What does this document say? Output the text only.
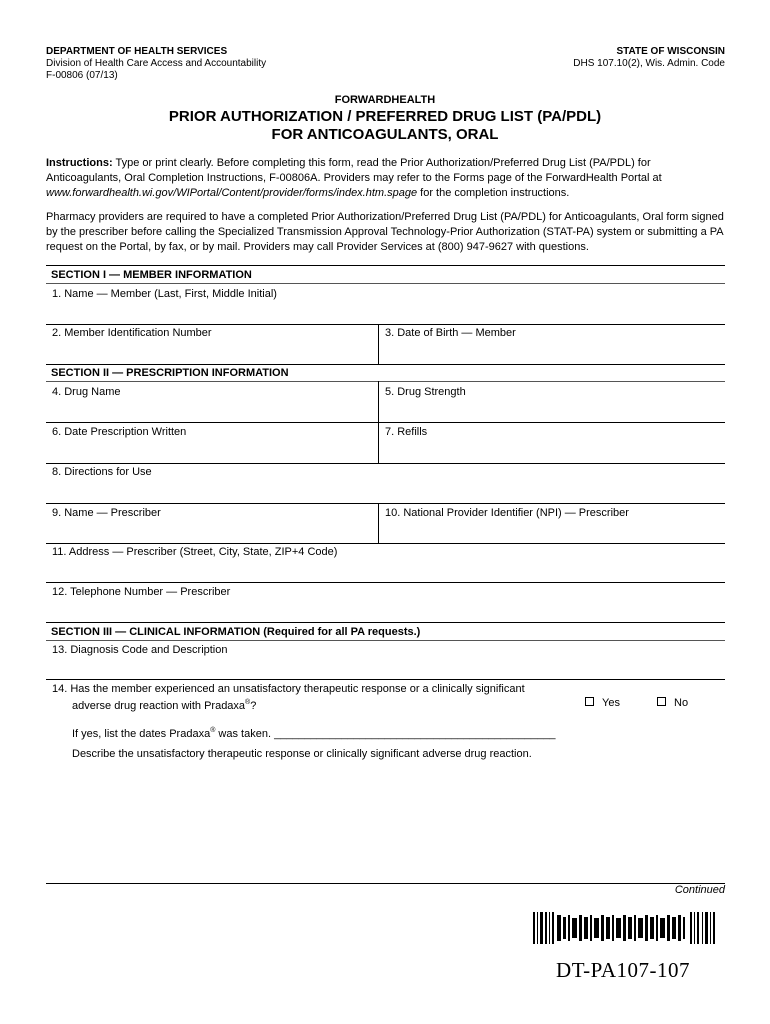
DEPARTMENT OF HEALTH SERVICES
Division of Health Care Access and Accountability
F-00806 (07/13)
STATE OF WISCONSIN
DHS 107.10(2), Wis. Admin. Code
FORWARDHEALTH
PRIOR AUTHORIZATION / PREFERRED DRUG LIST (PA/PDL)
FOR ANTICOAGULANTS, ORAL
Instructions: Type or print clearly. Before completing this form, read the Prior Authorization/Preferred Drug List (PA/PDL) for Anticoagulants, Oral Completion Instructions, F-00806A. Providers may refer to the Forms page of the ForwardHealth Portal at www.forwardhealth.wi.gov/WIPortal/Content/provider/forms/index.htm.spage for the completion instructions.
Pharmacy providers are required to have a completed Prior Authorization/Preferred Drug List (PA/PDL) for Anticoagulants, Oral form signed by the prescriber before calling the Specialized Transmission Approval Technology-Prior Authorization (STAT-PA) system or submitting a PA request on the Portal, by fax, or by mail. Providers may call Provider Services at (800) 947-9627 with questions.
SECTION I — MEMBER INFORMATION
1. Name — Member (Last, First, Middle Initial)
2. Member Identification Number	3. Date of Birth — Member
SECTION II — PRESCRIPTION INFORMATION
4. Drug Name	5. Drug Strength
6. Date Prescription Written	7. Refills
8. Directions for Use
9. Name — Prescriber	10. National Provider Identifier (NPI) — Prescriber
11. Address — Prescriber (Street, City, State, ZIP+4 Code)
12. Telephone Number — Prescriber
SECTION III — CLINICAL INFORMATION (Required for all PA requests.)
13. Diagnosis Code and Description
14. Has the member experienced an unsatisfactory therapeutic response or a clinically significant
adverse drug reaction with Pradaxa®?	Yes	No
If yes, list the dates Pradaxa® was taken. ______________________________________________
Describe the unsatisfactory therapeutic response or clinically significant adverse drug reaction.
Continued
DT-PA107-107
